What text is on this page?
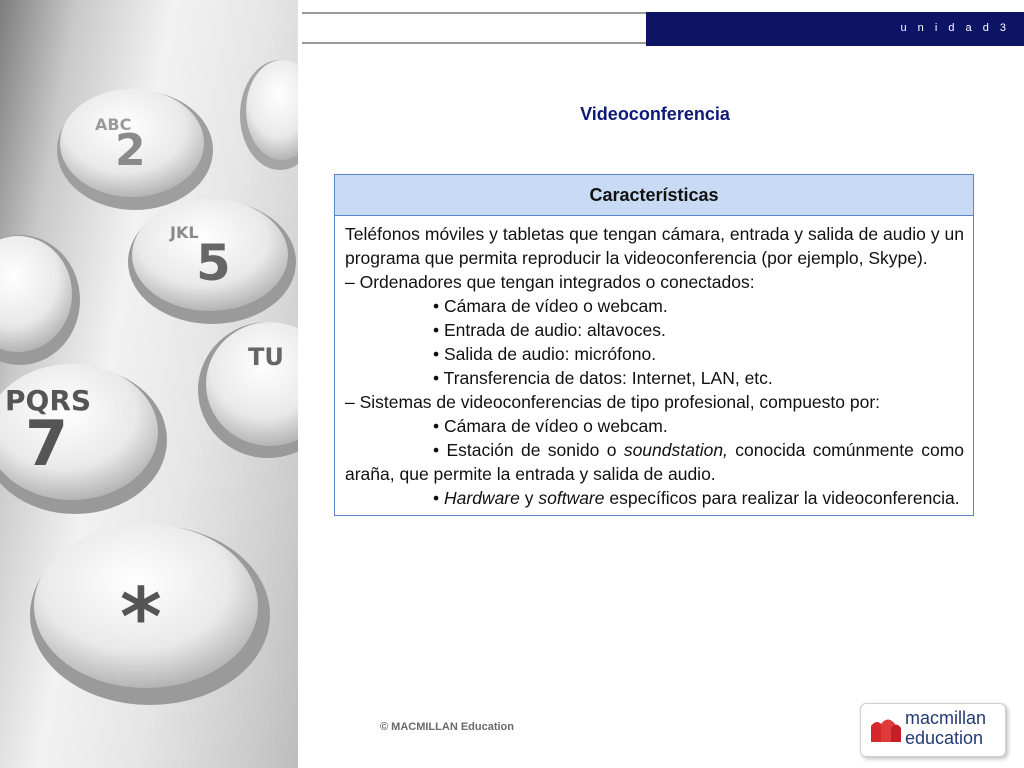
2
ABC
5
JKL
TU
PQRS
7
*
u n i d a d 3
Videoconferencia
Características

Teléfonos móviles y tabletas que tengan cámara, entrada y salida de audio y un programa que permita reproducir la videoconferencia (por ejemplo, Skype).

– Ordenadores que tengan integrados o conectados:

• Cámara de vídeo o webcam.
• Entrada de audio: altavoces.
• Salida de audio: micrófono.
• Transferencia de datos: Internet, LAN, etc.

– Sistemas de videoconferencias de tipo profesional, compuesto por:

• Cámara de vídeo o webcam.

• Estación de sonido o soundstation, conocida comúnmente como araña, que permite la entrada y salida de audio.

• Hardware y software específicos para realizar la videoconferencia.

© MACMILLAN Education	macmillan
education
